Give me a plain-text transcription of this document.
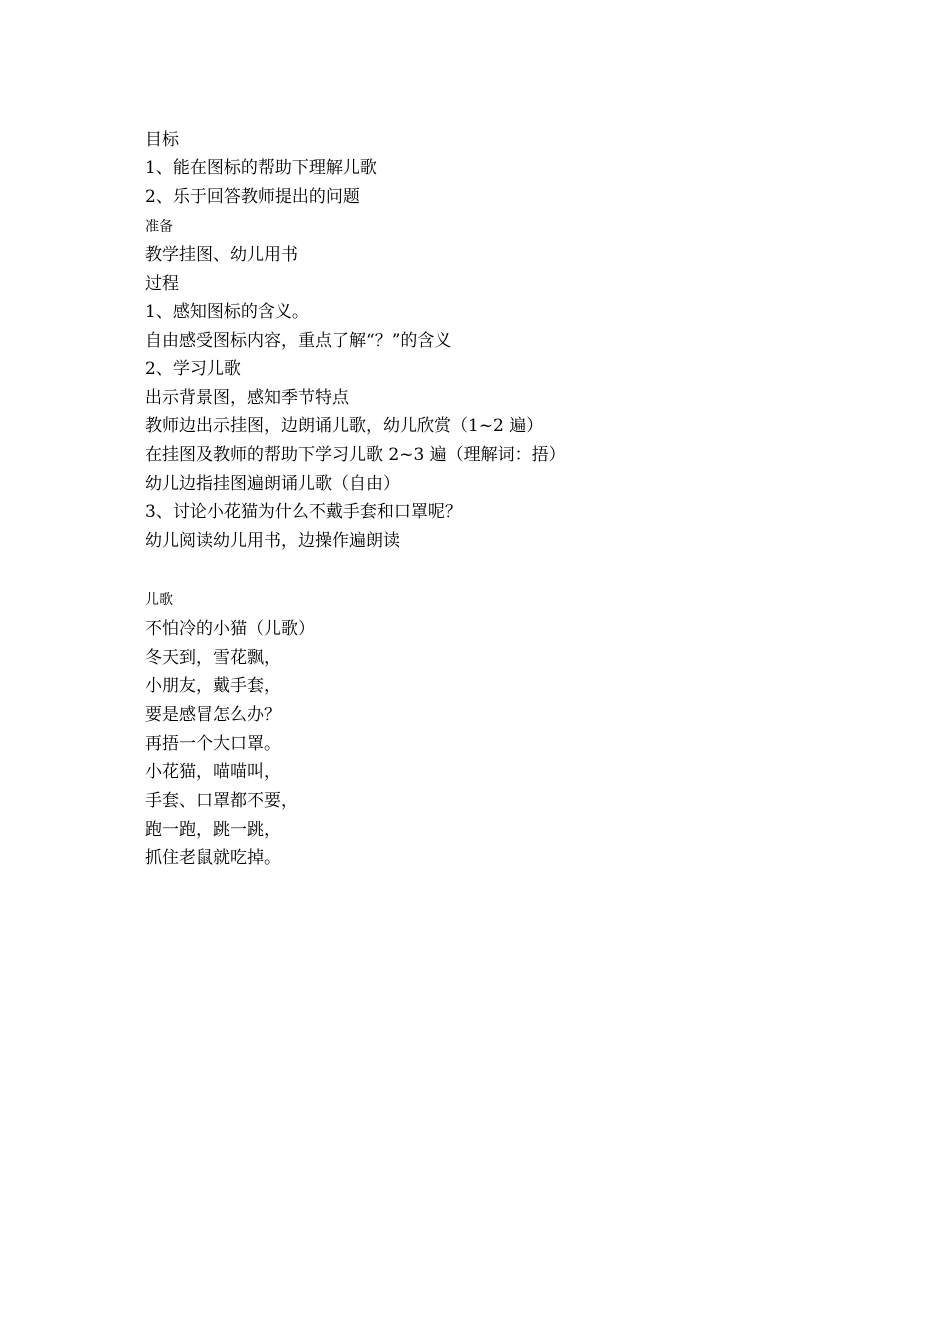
目标
1、能在图标的帮助下理解儿歌
2、乐于回答教师提出的问题
准备
教学挂图、幼儿用书
过程
1、感知图标的含义。
自由感受图标内容，重点了解“？”的含义
2、学习儿歌
出示背景图，感知季节特点
教师边出示挂图，边朗诵儿歌，幼儿欣赏（1~2 遍）
在挂图及教师的帮助下学习儿歌 2~3 遍（理解词：捂）
幼儿边指挂图遍朗诵儿歌（自由）
3、讨论小花猫为什么不戴手套和口罩呢？
幼儿阅读幼儿用书，边操作遍朗读
儿歌
不怕冷的小猫（儿歌）
冬天到，雪花飘，
小朋友，戴手套，
要是感冒怎么办？
再捂一个大口罩。
小花猫，喵喵叫，
手套、口罩都不要，
跑一跑，跳一跳，
抓住老鼠就吃掉。
